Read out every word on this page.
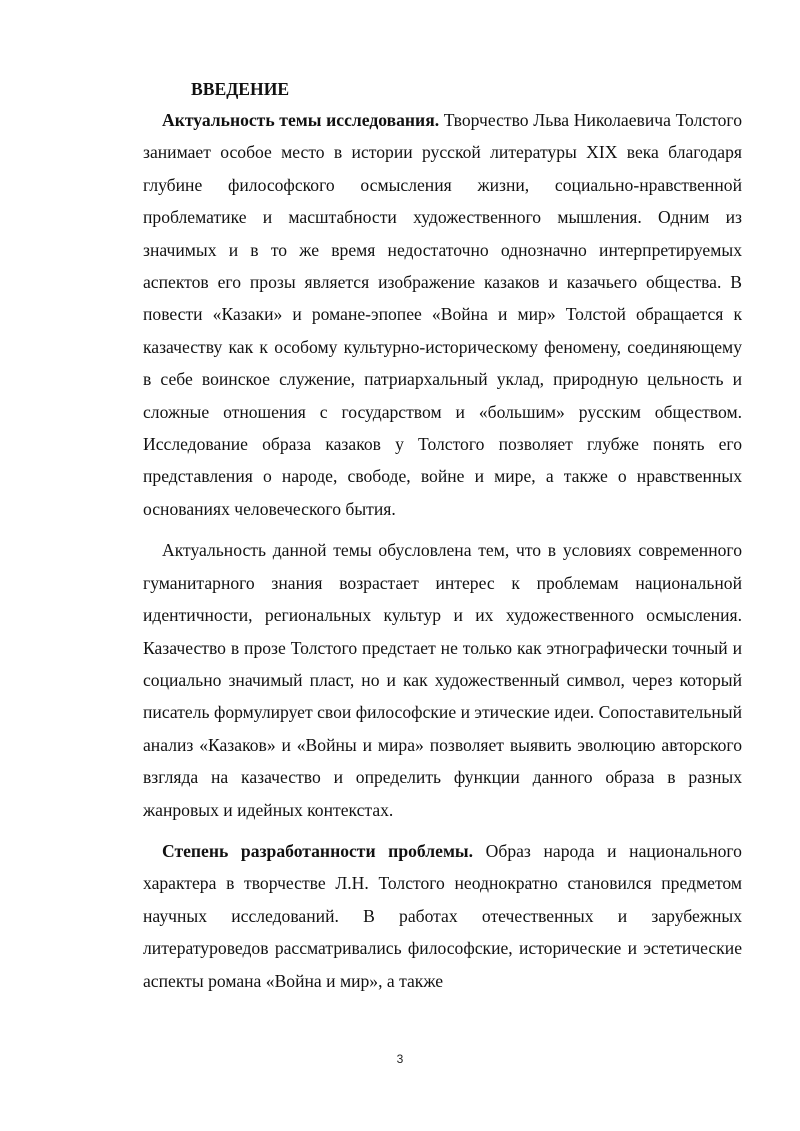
ВВЕДЕНИЕ

Актуальность темы исследования. Творчество Льва Николаевича Толстого занимает особое место в истории русской литературы XIX века благодаря глубине философского осмысления жизни, социально-нравственной проблематике и масштабности художественного мышления. Одним из значимых и в то же время недостаточно однозначно интерпретируемых аспектов его прозы является изображение казаков и казачьего общества. В повести «Казаки» и романе-эпопее «Война и мир» Толстой обращается к казачеству как к особому культурно-историческому феномену, соединяющему в себе воинское служение, патриархальный уклад, природную цельность и сложные отношения с государством и «большим» русским обществом. Исследование образа казаков у Толстого позволяет глубже понять его представления о народе, свободе, войне и мире, а также о нравственных основаниях человеческого бытия.

Актуальность данной темы обусловлена тем, что в условиях современного гуманитарного знания возрастает интерес к проблемам национальной идентичности, региональных культур и их художественного осмысления. Казачество в прозе Толстого предстает не только как этнографически точный и социально значимый пласт, но и как художественный символ, через который писатель формулирует свои философские и этические идеи. Сопоставительный анализ «Казаков» и «Войны и мира» позволяет выявить эволюцию авторского взгляда на казачество и определить функции данного образа в разных жанровых и идейных контекстах.

Степень разработанности проблемы. Образ народа и национального характера в творчестве Л.Н. Толстого неоднократно становился предметом научных исследований. В работах отечественных и зарубежных литературоведов рассматривались философские, исторические и эстетические аспекты романа «Война и мир», а также

3
